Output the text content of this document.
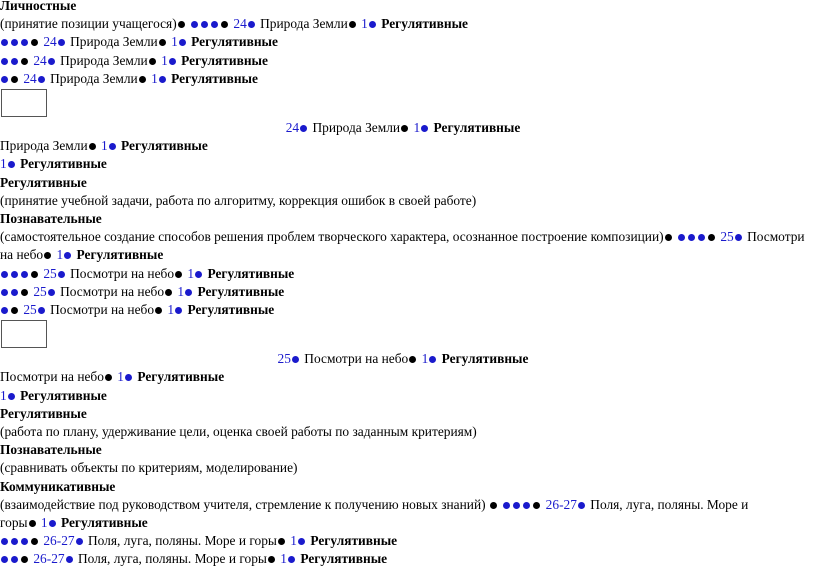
Личностные
(принятие позиции учащегося)	24 Природа Земли 1 Регулятивные
24 Природа Земли 1 Регулятивные
24 Природа Земли 1 Регулятивные
24 Природа Земли 1 Регулятивные
24 Природа Земли 1 Регулятивные
Природа Земли 1 Регулятивные
1 Регулятивные
Регулятивные
(принятие учебной задачи, работа по алгоритму, коррекция ошибок в своей работе)
Познавательные
(самостоятельное создание способов решения проблем творческого характера, осознанное построение композиции)	25 Посмотри
на небо 1 Регулятивные
25 Посмотри на небо 1 Регулятивные
25 Посмотри на небо 1 Регулятивные
25 Посмотри на небо 1 Регулятивные
25 Посмотри на небо 1 Регулятивные
Посмотри на небо 1 Регулятивные
1 Регулятивные
Регулятивные
(работа по плану, удерживание цели, оценка своей работы по заданным критериям)
Познавательные
(сравнивать объекты по критериям, моделирование)
Коммуникативные
(взаимодействие под руководством учителя, стремление к получению новых знаний)	26-27 Поля, луга, поляны. Море и
горы 1 Регулятивные
26-27 Поля, луга, поляны. Море и горы 1 Регулятивные
26-27 Поля, луга, поляны. Море и горы 1 Регулятивные
